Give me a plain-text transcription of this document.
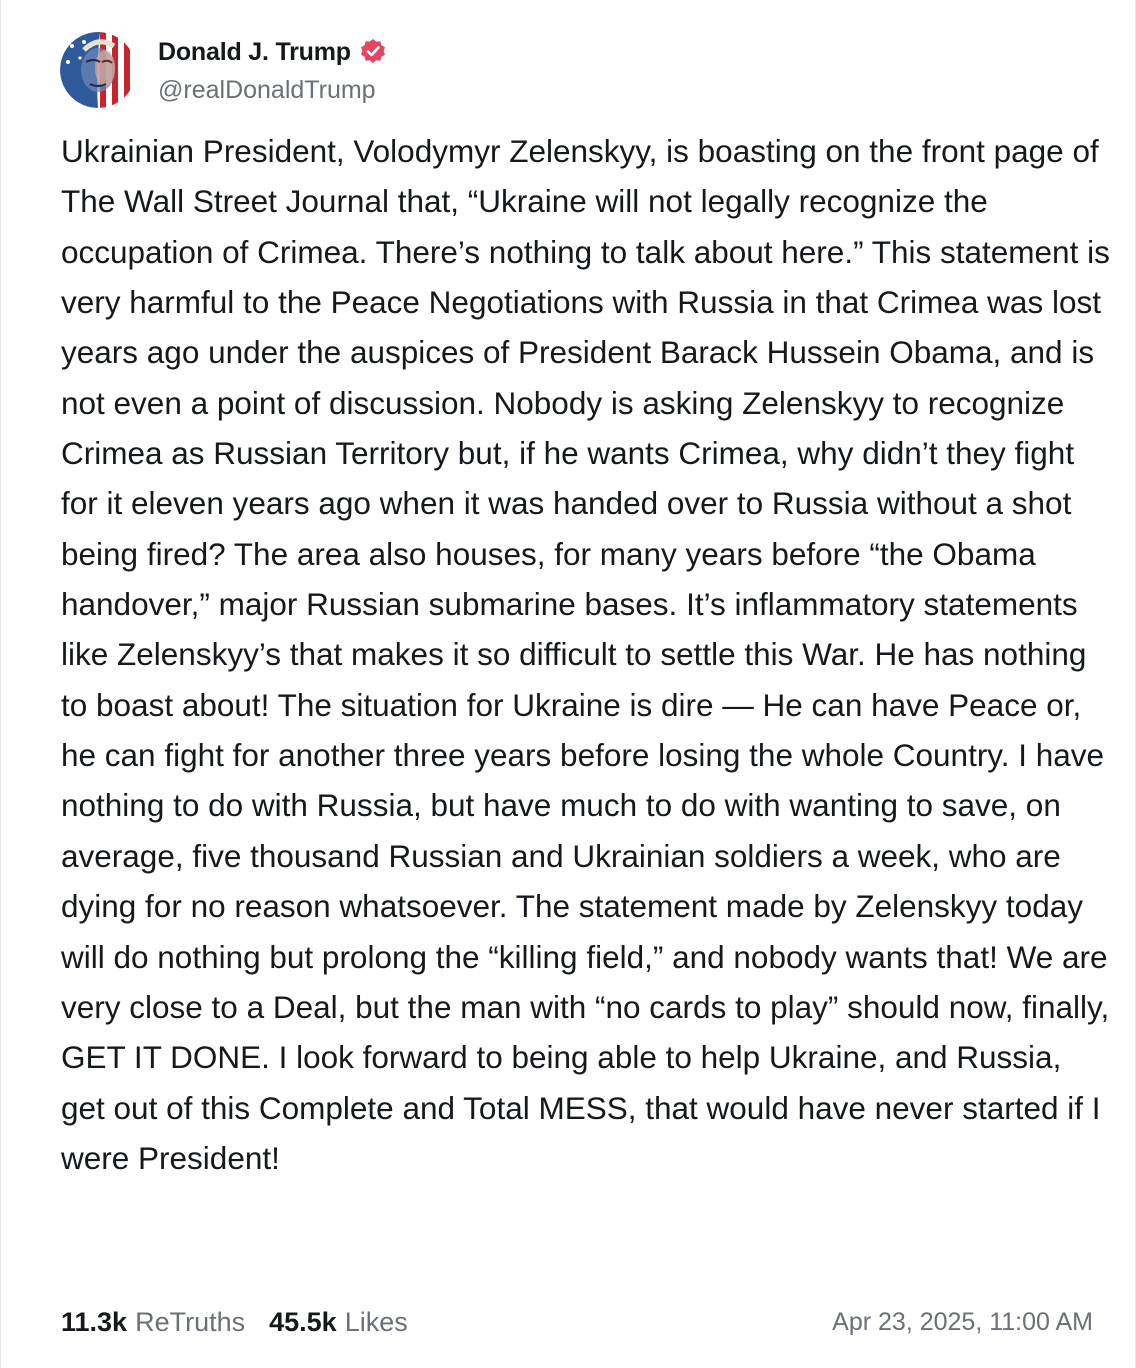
Donald J. Trump
@realDonaldTrump
Ukrainian President, Volodymyr Zelenskyy, is boasting on the front page of The Wall Street Journal that, “Ukraine will not legally recognize the occupation of Crimea. There’s nothing to talk about here.” This statement is very harmful to the Peace Negotiations with Russia in that Crimea was lost years ago under the auspices of President Barack Hussein Obama, and is not even a point of discussion. Nobody is asking Zelenskyy to recognize Crimea as Russian Territory but, if he wants Crimea, why didn’t they fight for it eleven years ago when it was handed over to Russia without a shot being fired? The area also houses, for many years before “the Obama handover,” major Russian submarine bases. It’s inflammatory statements like Zelenskyy’s that makes it so difficult to settle this War. He has nothing to boast about! The situation for Ukraine is dire — He can have Peace or, he can fight for another three years before losing the whole Country. I have nothing to do with Russia, but have much to do with wanting to save, on average, five thousand Russian and Ukrainian soldiers a week, who are dying for no reason whatsoever. The statement made by Zelenskyy today will do nothing but prolong the “killing field,” and nobody wants that! We are very close to a Deal, but the man with “no cards to play” should now, finally, GET IT DONE. I look forward to being able to help Ukraine, and Russia, get out of this Complete and Total MESS, that would have never started if I were President!
11.3k ReTruths 45.5k Likes	Apr 23, 2025, 11:00 AM
